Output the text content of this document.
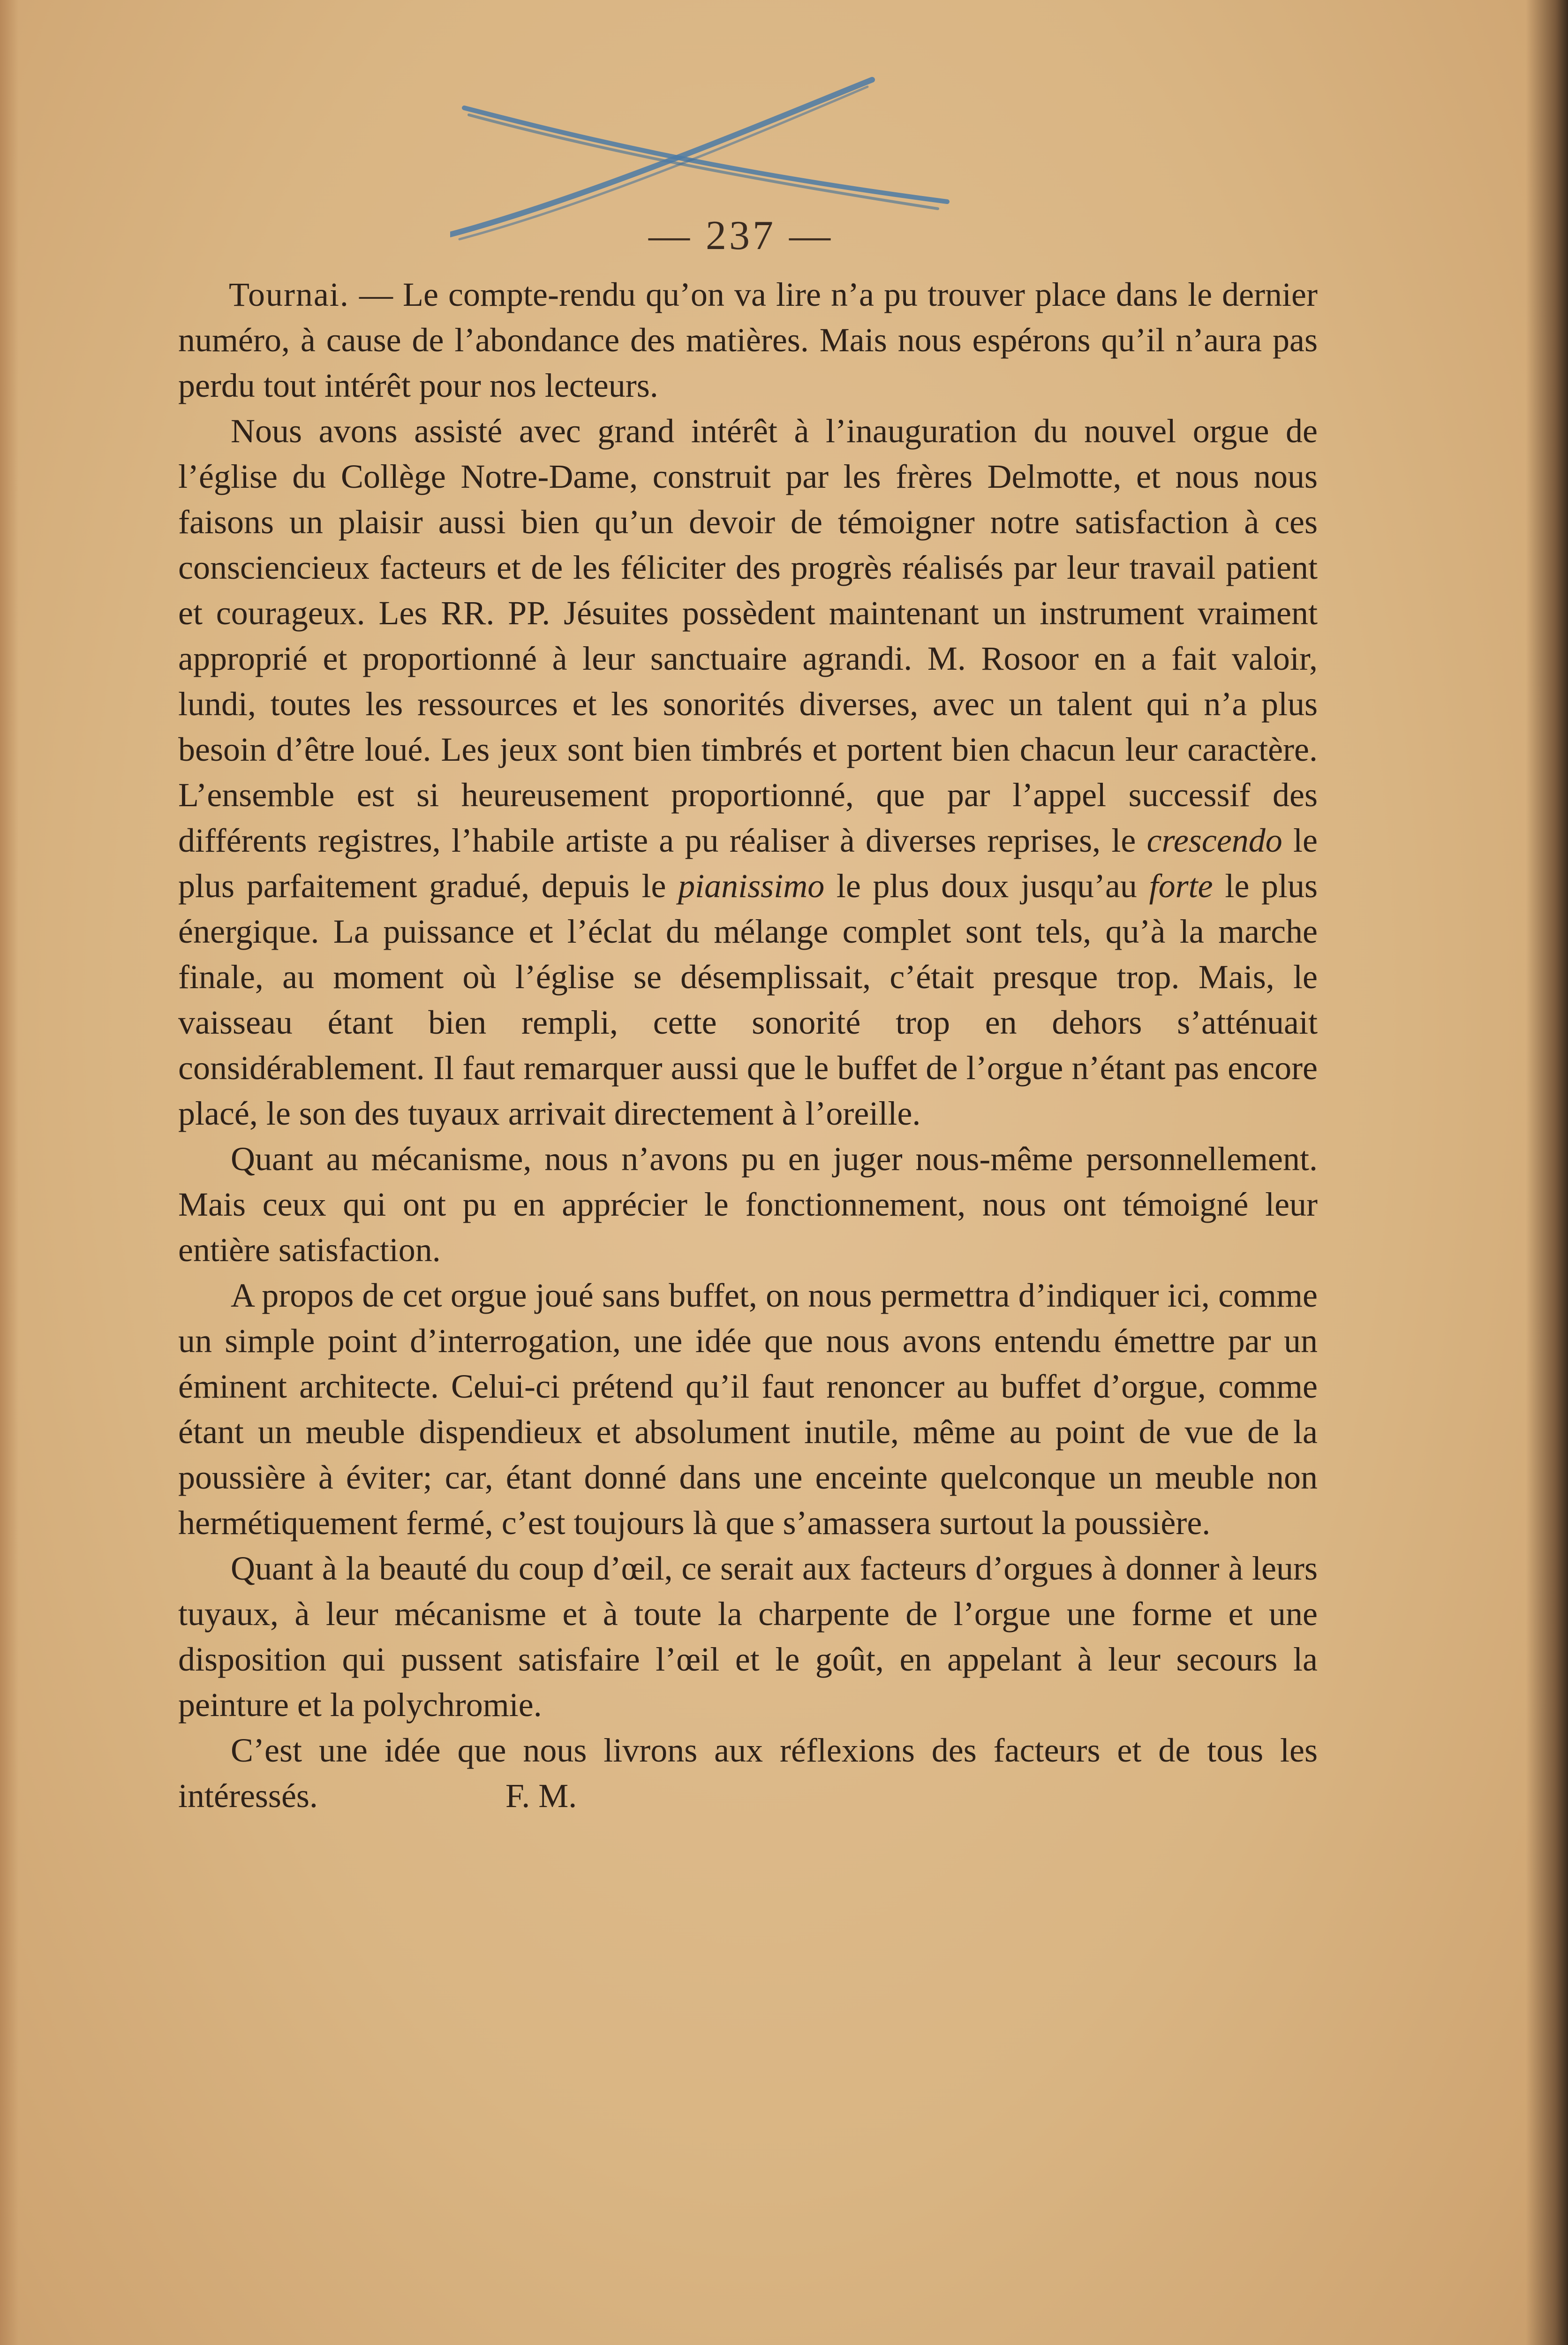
— 237 —

Tournai. — Le compte-rendu qu’on va lire n’a pu trouver place dans le dernier numéro, à cause de l’abondance des matières. Mais nous espérons qu’il n’aura pas perdu tout intérêt pour nos lecteurs.

Nous avons assisté avec grand intérêt à l’inauguration du nouvel orgue de l’église du Collège Notre-Dame, construit par les frères Delmotte, et nous nous faisons un plaisir aussi bien qu’un devoir de témoigner notre satisfaction à ces consciencieux facteurs et de les féliciter des progrès réalisés par leur travail patient et courageux. Les RR. PP. Jésuites possèdent maintenant un instrument vraiment approprié et proportionné à leur sanctuaire agrandi. M. Rosoor en a fait valoir, lundi, toutes les ressources et les sonorités diverses, avec un talent qui n’a plus besoin d’être loué. Les jeux sont bien timbrés et portent bien chacun leur caractère. L’ensemble est si heureusement proportionné, que par l’appel successif des différents registres, l’habile artiste a pu réaliser à diverses reprises, le crescendo le plus parfaitement gradué, depuis le pianissimo le plus doux jusqu’au forte le plus énergique. La puissance et l’éclat du mélange complet sont tels, qu’à la marche finale, au moment où l’église se désemplissait, c’était presque trop. Mais, le vaisseau étant bien rempli, cette sonorité trop en dehors s’atténuait considérablement. Il faut remarquer aussi que le buffet de l’orgue n’étant pas encore placé, le son des tuyaux arrivait directement à l’oreille.

Quant au mécanisme, nous n’avons pu en juger nous-même personnellement. Mais ceux qui ont pu en apprécier le fonctionnement, nous ont témoigné leur entière satisfaction.

A propos de cet orgue joué sans buffet, on nous permettra d’indiquer ici, comme un simple point d’interrogation, une idée que nous avons entendu émettre par un éminent architecte. Celui-ci prétend qu’il faut renoncer au buffet d’orgue, comme étant un meuble dispendieux et absolument inutile, même au point de vue de la poussière à éviter; car, étant donné dans une enceinte quelconque un meuble non hermétiquement fermé, c’est toujours là que s’amassera surtout la poussière.

Quant à la beauté du coup d’œil, ce serait aux facteurs d’orgues à donner à leurs tuyaux, à leur mécanisme et à toute la charpente de l’orgue une forme et une disposition qui pussent satisfaire l’œil et le goût, en appelant à leur secours la peinture et la polychromie.

C’est une idée que nous livrons aux réflexions des facteurs et de tous les intéressés.	F. M.
